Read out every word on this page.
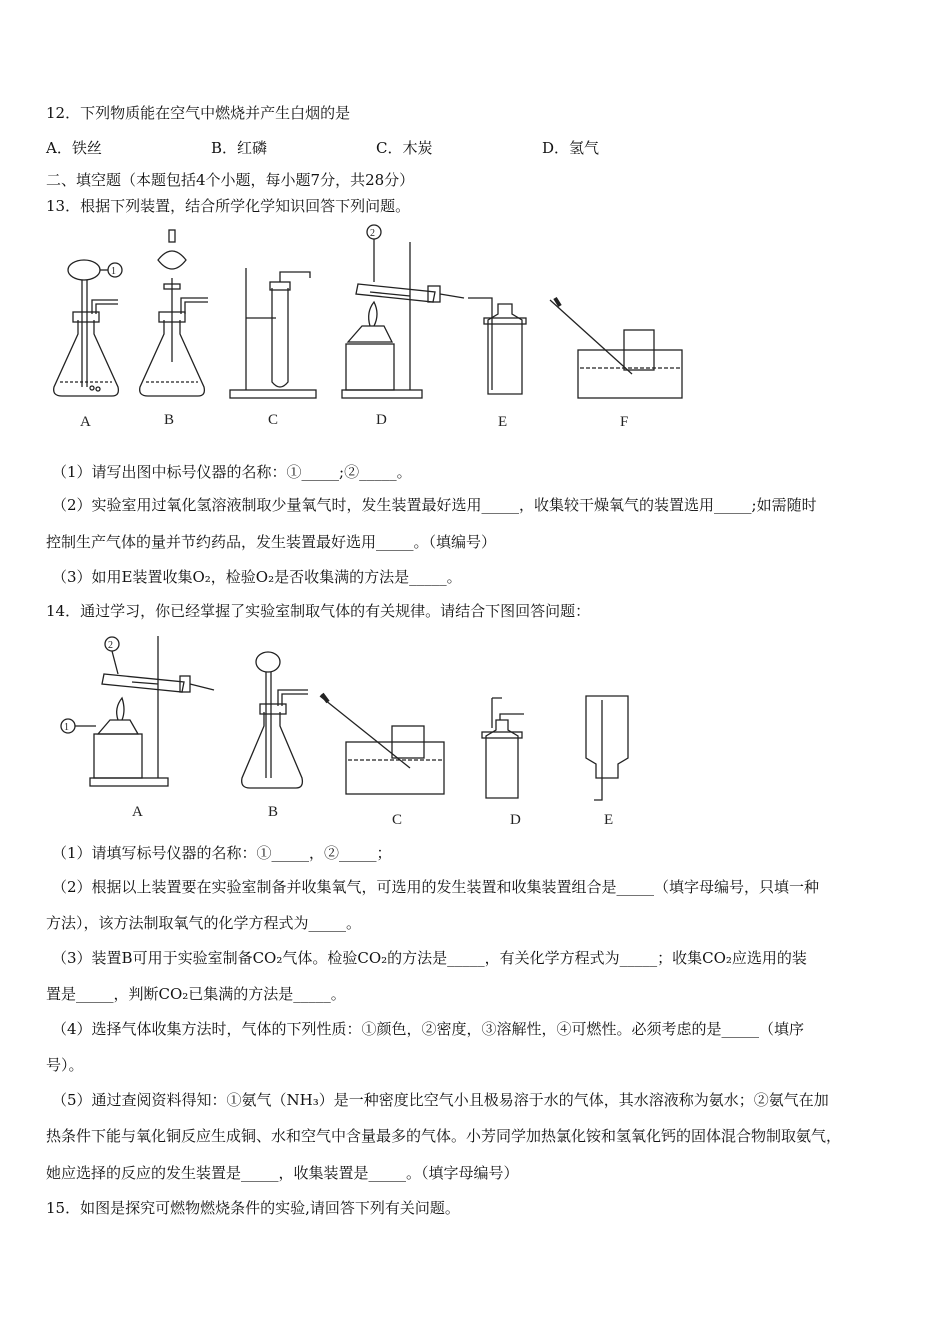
12．下列物质能在空气中燃烧并产生白烟的是
A．铁丝	B．红磷	C．木炭	D．氢气
二、填空题（本题包括4个小题，每小题7分，共28分）
13．根据下列装置，结合所学化学知识回答下列问题。
1
2
A	B	C	D	E	F
（1）请写出图中标号仪器的名称：①_____;②_____。
（2）实验室用过氧化氢溶液制取少量氧气时，发生装置最好选用_____，收集较干燥氧气的装置选用_____;如需随时
控制生产气体的量并节约药品，发生装置最好选用_____。（填编号）
（3）如用E装置收集O₂，检验O₂是否收集满的方法是_____。
14．通过学习，你已经掌握了实验室制取气体的有关规律。请结合下图回答问题：
2
1
A	B	C	D	E
（1）请填写标号仪器的名称：①_____，②_____；
（2）根据以上装置要在实验室制备并收集氧气，可选用的发生装置和收集装置组合是_____（填字母编号，只填一种
方法），该方法制取氧气的化学方程式为_____。
（3）装置B可用于实验室制备CO₂气体。检验CO₂的方法是_____，有关化学方程式为_____；收集CO₂应选用的装
置是_____，判断CO₂已集满的方法是_____。
（4）选择气体收集方法时，气体的下列性质：①颜色，②密度，③溶解性，④可燃性。必须考虑的是_____（填序
号）。
（5）通过查阅资料得知：①氨气（NH₃）是一种密度比空气小且极易溶于水的气体，其水溶液称为氨水；②氨气在加
热条件下能与氧化铜反应生成铜、水和空气中含量最多的气体。小芳同学加热氯化铵和氢氧化钙的固体混合物制取氨气，
她应选择的反应的发生装置是_____，收集装置是_____。（填字母编号）
15．如图是探究可燃物燃烧条件的实验,请回答下列有关问题。
